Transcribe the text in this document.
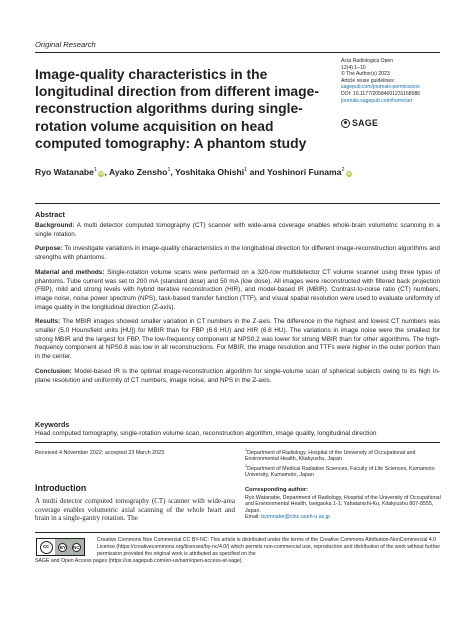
Original Research
Image-quality characteristics in the longitudinal direction from different image-reconstruction algorithms during single-rotation volume acquisition on head computed tomography: A phantom study
Acta Radiologica Open
12(4) 1–10
© The Author(s) 2023
Article reuse guidelines:
sagepub.com/journals-permissions
DOI: 10.1177/20584601231168986
journals.sagepub.com/home/arr
SAGE
Ryo Watanabe$^1$ iD, Ayako Zensho$^1$, Yoshitaka Ohishi$^1$ and Yoshinori Funama$^2$ iD
Abstract

Background: A multi detector computed tomography (CT) scanner with wide-area coverage enables whole-brain volumetric scanning in a single rotation.

Purpose: To investigate variations in image-quality characteristics in the longitudinal direction for different image-reconstruction algorithms and strengths with phantoms.

Material and methods: Single-rotation volume scans were performed on a 320-row multidetector CT volume scanner using three types of phantoms. Tube current was set to 200 mA (standard dose) and 50 mA (low dose). All images were reconstructed with filtered back projection (FBP), mild and strong levels with hybrid iterative reconstruction (HIR), and model-based IR (MBIR). Contrast-to-noise ratio (CT) numbers, image noise, noise power spectrum (NPS), task-based transfer function (TTF), and visual spatial resolution were used to evaluate uniformity of image quality in the longitudinal direction (Z-axis).

Results: The MBIR images showed smaller variation in CT numbers in the Z-axis. The difference in the highest and lowest CT numbers was smaller (5.0 Hounsfield units [HU]) for MBIR than for FBP (6.6 HU) and HIR (6.8 HU). The variations in image noise were the smallest for strong MBIR and the largest for FBP. The low-frequency component at NPS0.2 was lower for strong MBIR than for other algorithms. The high-frequency component at NPS0.8 was low in all reconstructions. For MBIR, the image resolution and TTFs were higher in the outer portion than in the center.

Conclusion: Model-based IR is the optimal image-reconstruction algorithm for single-volume scan of spherical subjects owing to its high in-plane resolution and uniformity of CT numbers, image noise, and NPS in the Z-axis.

Keywords
Head computed tomography, single-rotation volume scan, reconstruction algorithm, image quality, longitudinal direction
Received 4 November 2022; accepted 23 March 2023	$^1$Department of Radiology, Hospital of the University of Occupational and Environmental Health, Kitakyushu, Japan
$^2$Department of Medical Radiation Sciences, Faculty of Life Sciences, Kumamoto University, Kumamoto, Japan
Corresponding author:
Ryo Watanabe, Department of Radiology, Hospital of the University of Occupational and Environmental Health, Iseigaoka 1-1, Yahatanishi-Ku, Kitakyushu 807-8555, Japan.
Email: byonnabe@clnc.uoeh-u.ac.jp
Introduction
A multi detector computed tomography (CT) scanner with wide-area coverage enables volumetric axial scanning of the whole heart and brain in a single-gantry rotation. The
cc	BY	NC
Creative Commons Non Commercial CC BY-NC: This article is distributed under the terms of the Creative Commons Attribution-NonCommercial 4.0 License (https://creativecommons.org/licenses/by-nc/4.0/) which permits non-commercial use, reproduction and distribution of the work without further permission provided the original work is attributed as specified on the
SAGE and Open Access pages (https://us.sagepub.com/en-us/nam/open-access-at-sage).
